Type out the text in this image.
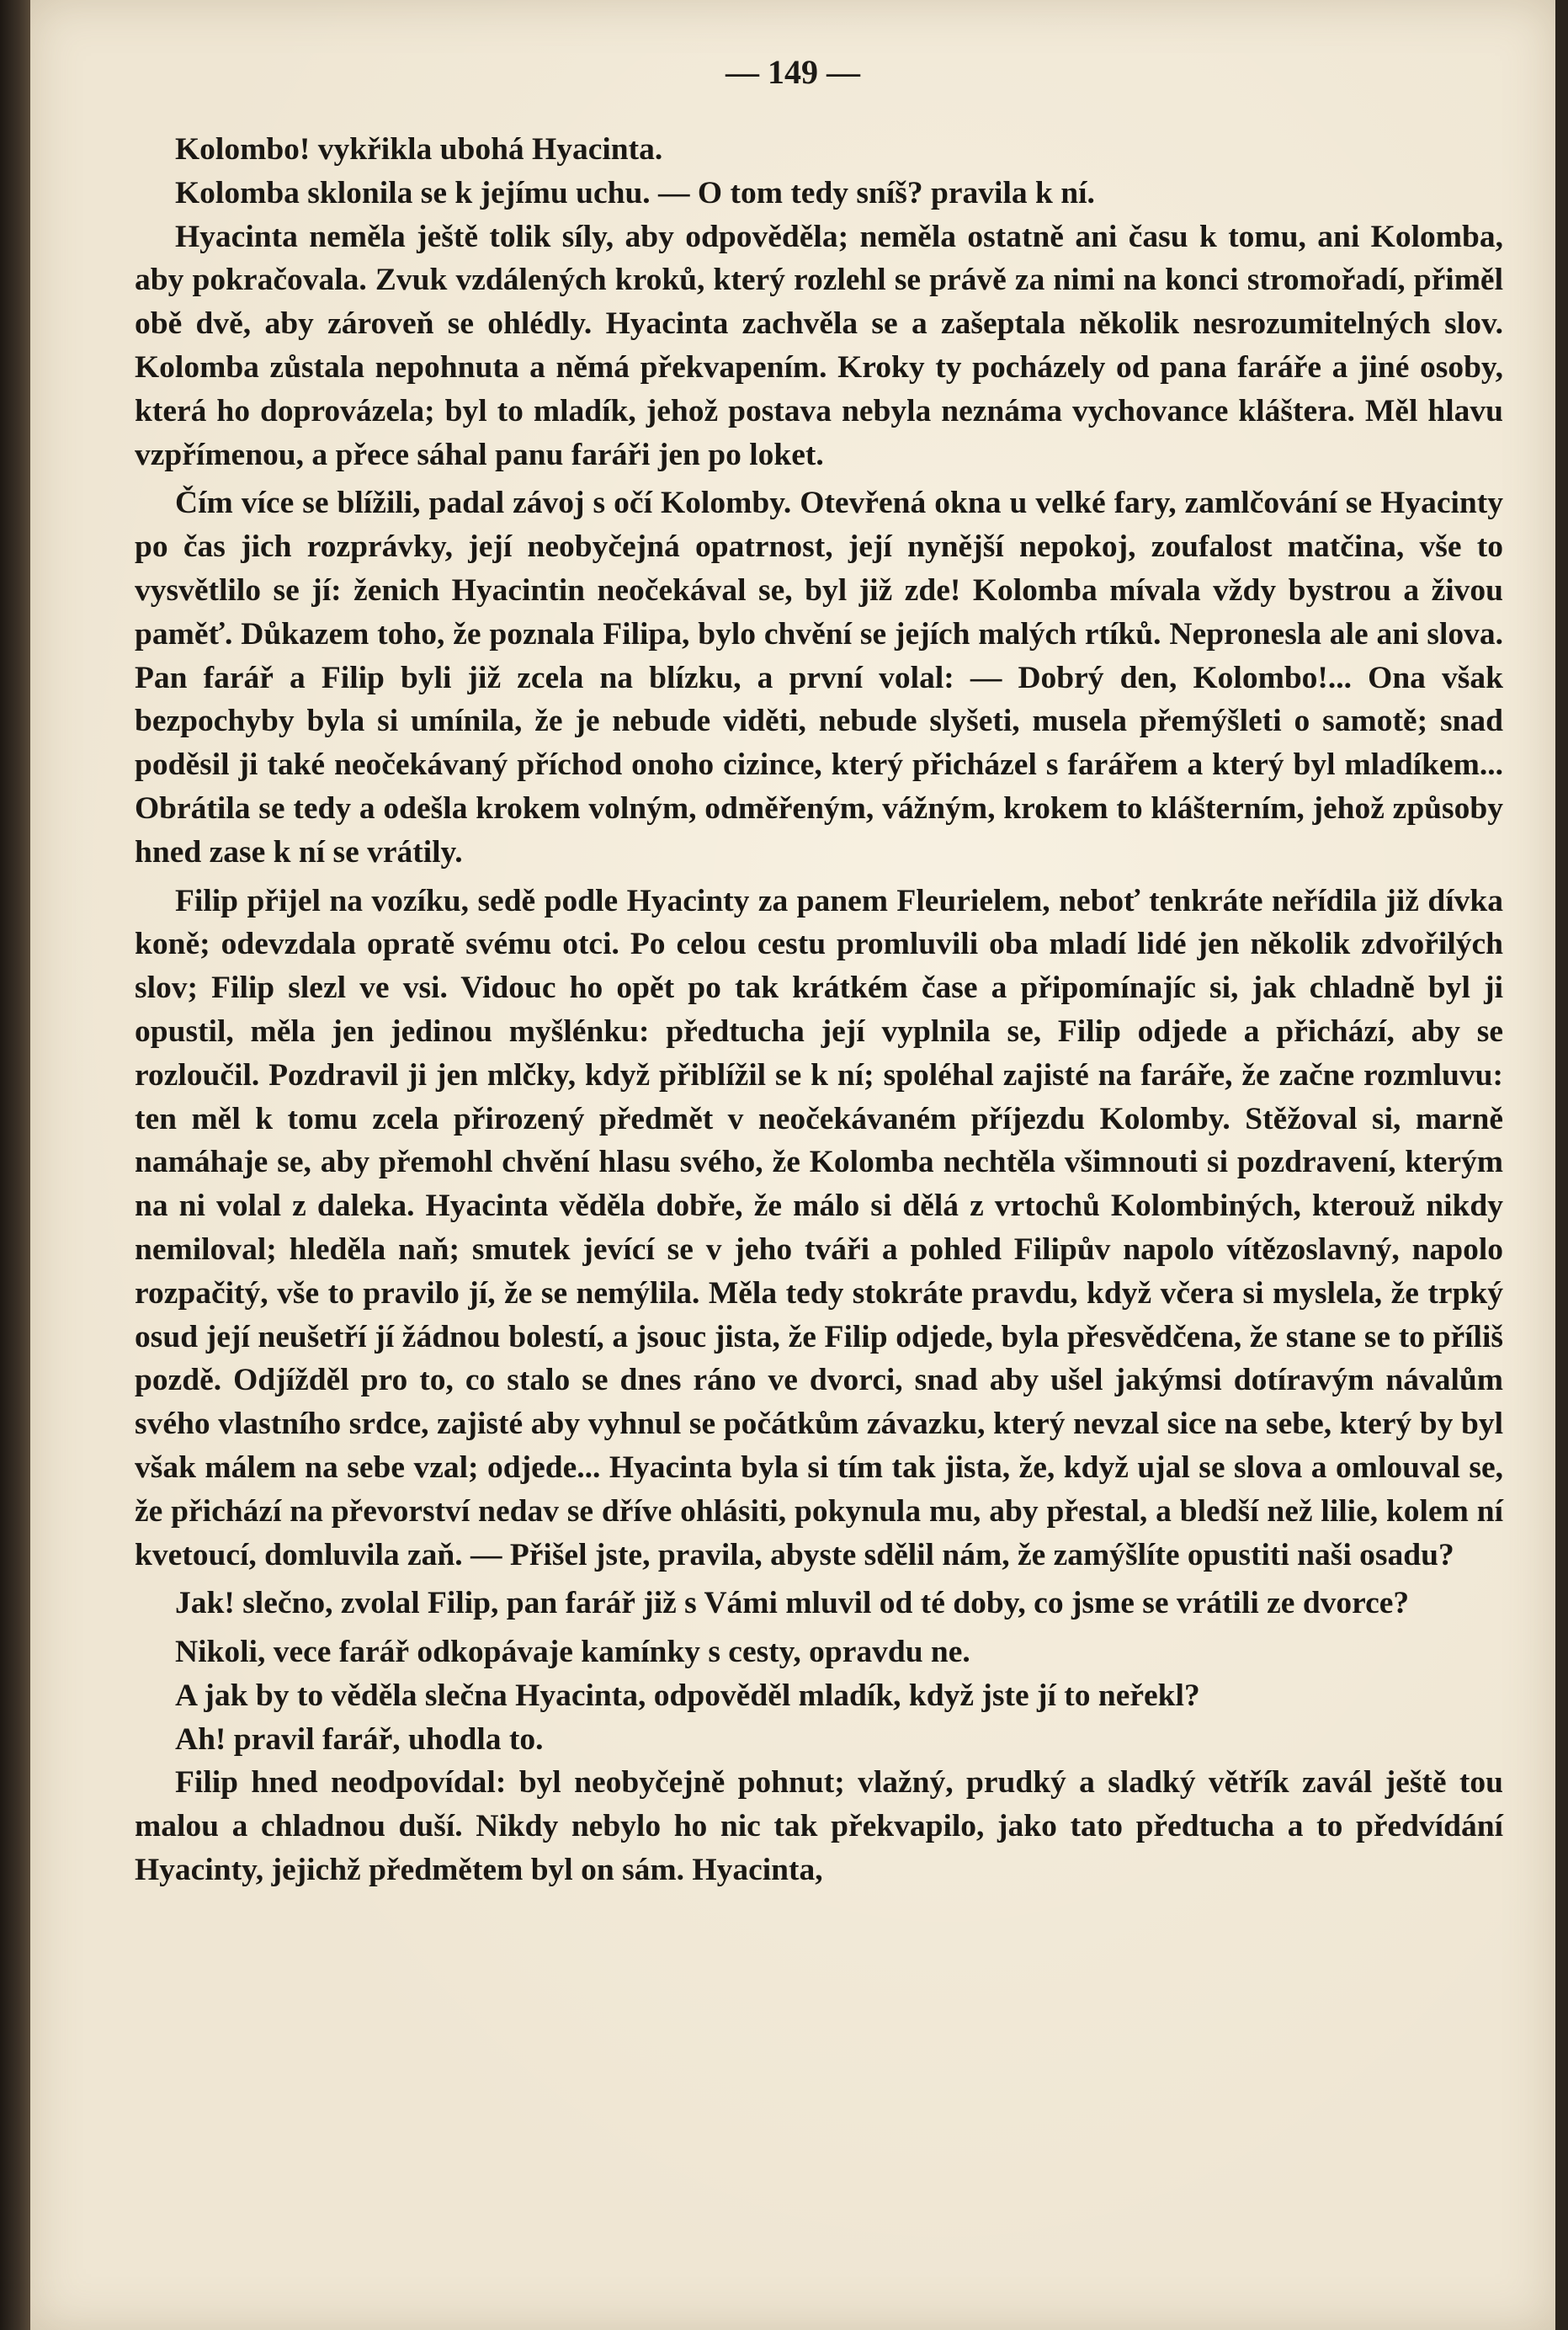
— 149 —

Kolombo! vykřikla ubohá Hyacinta.

Kolomba sklonila se k jejímu uchu. — O tom tedy sníš? pravila k ní.

Hyacinta neměla ještě tolik síly, aby odpověděla; neměla ostatně ani času k tomu, ani Kolomba, aby pokračovala. Zvuk vzdálených kroků, který rozlehl se právě za nimi na konci stromořadí, přiměl obě dvě, aby zároveň se ohlédly. Hyacinta zachvěla se a zašeptala několik nesrozumitelných slov. Kolomba zůstala nepohnuta a němá překvapením. Kroky ty pocházely od pana faráře a jiné osoby, která ho doprovázela; byl to mladík, jehož postava nebyla neznáma vychovance kláštera. Měl hlavu vzpřímenou, a přece sáhal panu faráři jen po loket.

Čím více se blížili, padal závoj s očí Kolomby. Otevřená okna u velké fary, zamlčování se Hyacinty po čas jich rozprávky, její neobyčejná opatrnost, její nynější nepokoj, zoufalost matčina, vše to vysvětlilo se jí: ženich Hyacintin neočekával se, byl již zde! Kolomba mívala vždy bystrou a živou paměť. Důkazem toho, že poznala Filipa, bylo chvění se jejích malých rtíků. Nepronesla ale ani slova. Pan farář a Filip byli již zcela na blízku, a první volal: — Dobrý den, Kolombo!... Ona však bezpochyby byla si umínila, že je nebude viděti, nebude slyšeti, musela přemýšleti o samotě; snad poděsil ji také neočekávaný příchod onoho cizince, který přicházel s farářem a který byl mladíkem... Obrátila se tedy a odešla krokem volným, odměřeným, vážným, krokem to klášterním, jehož způsoby hned zase k ní se vrátily.

Filip přijel na vozíku, sedě podle Hyacinty za panem Fleurielem, neboť tenkráte neřídila již dívka koně; odevzdala opratě svému otci. Po celou cestu promluvili oba mladí lidé jen několik zdvořilých slov; Filip slezl ve vsi. Vidouc ho opět po tak krátkém čase a připomínajíc si, jak chladně byl ji opustil, měla jen jedinou myšlénku: předtucha její vyplnila se, Filip odjede a přichází, aby se rozloučil. Pozdravil ji jen mlčky, když přiblížil se k ní; spoléhal zajisté na faráře, že začne rozmluvu: ten měl k tomu zcela přirozený předmět v neočekávaném příjezdu Kolomby. Stěžoval si, marně namáhaje se, aby přemohl chvění hlasu svého, že Kolomba nechtěla všimnouti si pozdravení, kterým na ni volal z daleka. Hyacinta věděla dobře, že málo si dělá z vrtochů Kolombiných, kterouž nikdy nemiloval; hleděla naň; smutek jevící se v jeho tváři a pohled Filipův napolo vítězoslavný, napolo rozpačitý, vše to pravilo jí, že se nemýlila. Měla tedy stokráte pravdu, když včera si myslela, že trpký osud její neušetří jí žádnou bolestí, a jsouc jista, že Filip odjede, byla přesvědčena, že stane se to příliš pozdě. Odjížděl pro to, co stalo se dnes ráno ve dvorci, snad aby ušel jakýmsi dotíravým návalům svého vlastního srdce, zajisté aby vyhnul se počátkům závazku, který nevzal sice na sebe, který by byl však málem na sebe vzal; odjede... Hyacinta byla si tím tak jista, že, když ujal se slova a omlouval se, že přichází na převorství nedav se dříve ohlásiti, pokynula mu, aby přestal, a bledší než lilie, kolem ní kvetoucí, domluvila zaň. — Přišel jste, pravila, abyste sdělil nám, že zamýšlíte opustiti naši osadu?

Jak! slečno, zvolal Filip, pan farář již s Vámi mluvil od té doby, co jsme se vrátili ze dvorce?

Nikoli, vece farář odkopávaje kamínky s cesty, opravdu ne.

A jak by to věděla slečna Hyacinta, odpověděl mladík, když jste jí to neřekl?

Ah! pravil farář, uhodla to.

Filip hned neodpovídal: byl neobyčejně pohnut; vlažný, prudký a sladký větřík zavál ještě tou malou a chladnou duší. Nikdy nebylo ho nic tak překvapilo, jako tato předtucha a to předvídání Hyacinty, jejichž předmětem byl on sám. Hyacinta,
